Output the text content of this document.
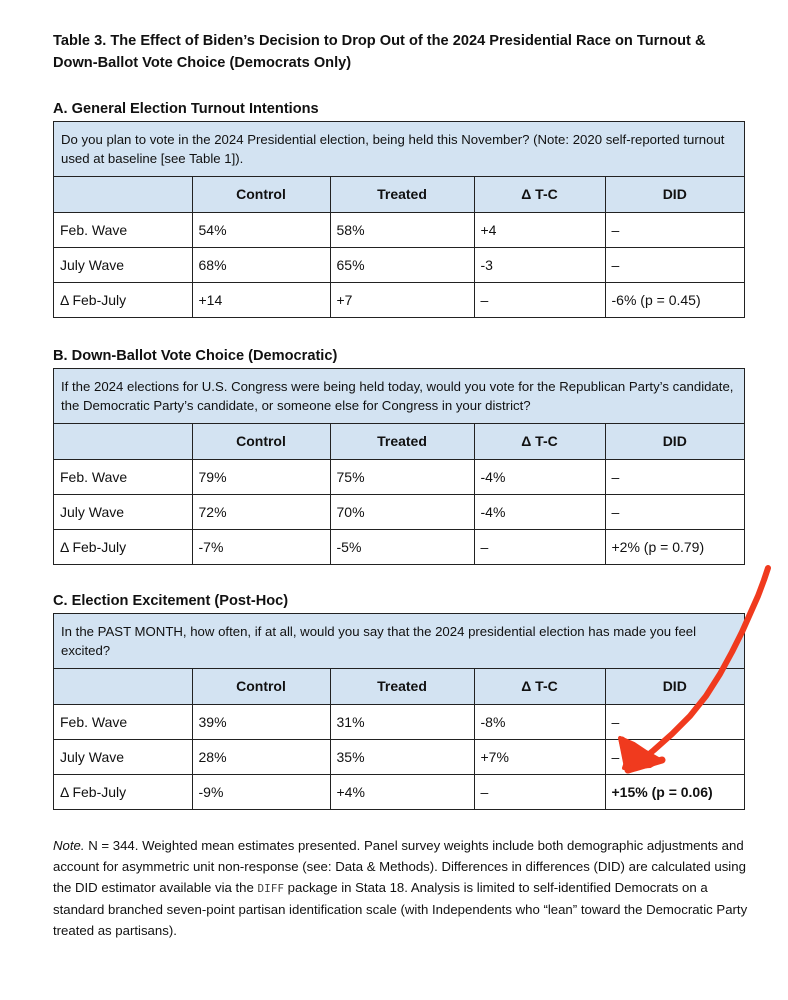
Table 3. The Effect of Biden’s Decision to Drop Out of the 2024 Presidential Race on Turnout & Down-Ballot Vote Choice (Democrats Only)
A. General Election Turnout Intentions
Do you plan to vote in the 2024 Presidential election, being held this November? (Note: 2020 self-reported turnout used at baseline [see Table 1]).
	Control	Treated	Δ T-C	DID
Feb. Wave	54%	58%	+4	–
July Wave	68%	65%	-3	–
Δ Feb-July	+14	+7	–	-6% (p = 0.45)
B. Down-Ballot Vote Choice (Democratic)
If the 2024 elections for U.S. Congress were being held today, would you vote for the Republican Party’s candidate, the Democratic Party’s candidate, or someone else for Congress in your district?
	Control	Treated	Δ T-C	DID
Feb. Wave	79%	75%	-4%	–
July Wave	72%	70%	-4%	–
Δ Feb-July	-7%	-5%	–	+2% (p = 0.79)
C. Election Excitement (Post-Hoc)
In the PAST MONTH, how often, if at all, would you say that the 2024 presidential election has made you feel excited?
	Control	Treated	Δ T-C	DID
Feb. Wave	39%	31%	-8%	–
July Wave	28%	35%	+7%	–
Δ Feb-July	-9%	+4%	–	+15% (p = 0.06)

Note. N = 344. Weighted mean estimates presented. Panel survey weights include both demographic adjustments and account for asymmetric unit non-response (see: Data & Methods). Differences in differences (DID) are calculated using the DID estimator available via the DIFF package in Stata 18. Analysis is limited to self-identified Democrats on a standard branched seven-point partisan identification scale (with Independents who “lean” toward the Democratic Party treated as partisans).
